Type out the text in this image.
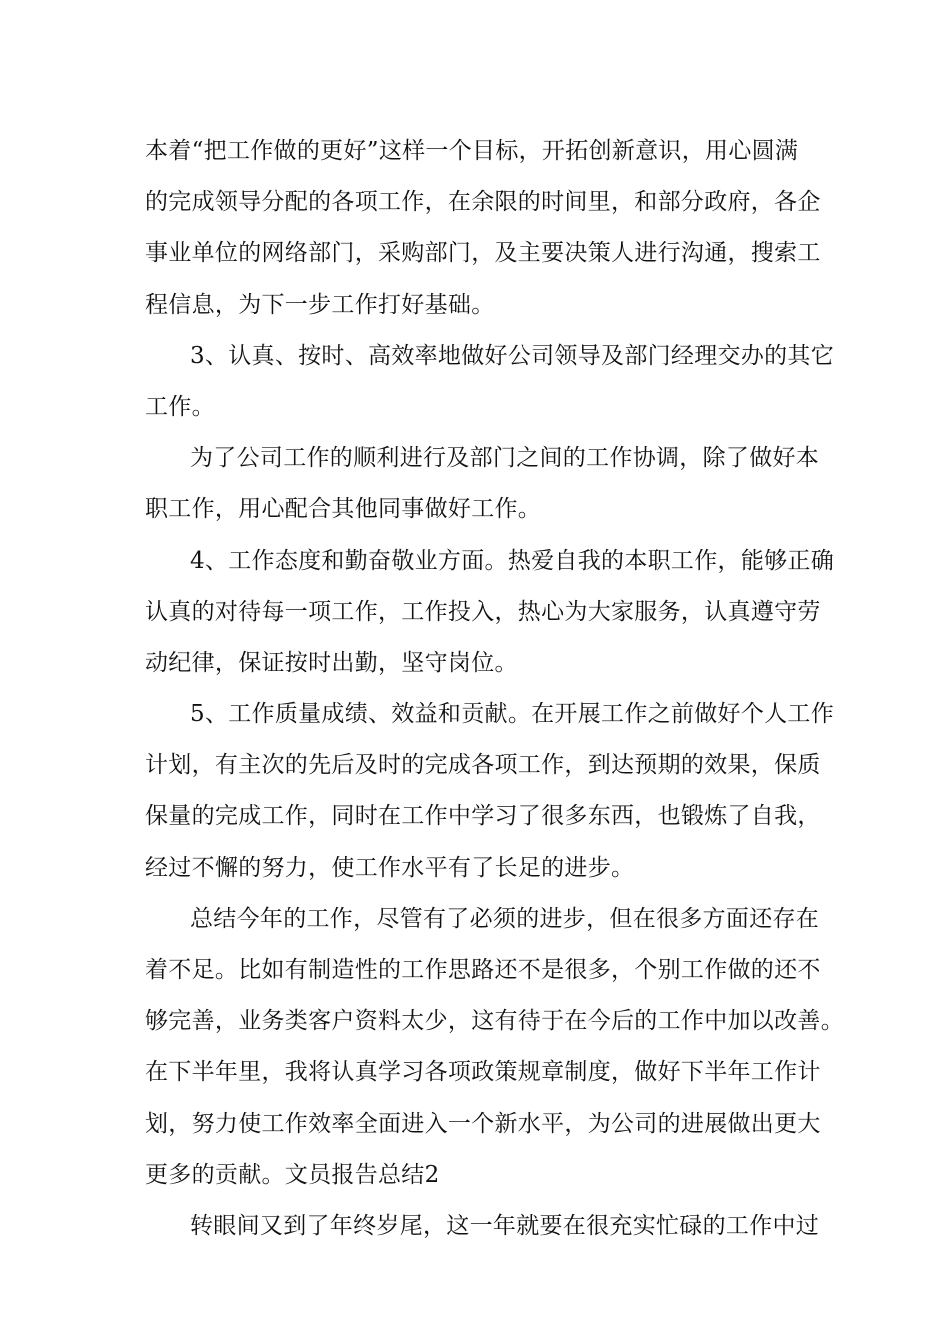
本着“把工作做的更好”这样一个目标，开拓创新意识，用心圆满
的完成领导分配的各项工作，在余限的时间里，和部分政府，各企
事业单位的网络部门，采购部门，及主要决策人进行沟通，搜索工
程信息，为下一步工作打好基础。
3、认真、按时、高效率地做好公司领导及部门经理交办的其它
工作。
为了公司工作的顺利进行及部门之间的工作协调，除了做好本
职工作，用心配合其他同事做好工作。
4、工作态度和勤奋敬业方面。热爱自我的本职工作，能够正确
认真的对待每一项工作，工作投入，热心为大家服务，认真遵守劳
动纪律，保证按时出勤，坚守岗位。
5、工作质量成绩、效益和贡献。在开展工作之前做好个人工作
计划，有主次的先后及时的完成各项工作，到达预期的效果，保质
保量的完成工作，同时在工作中学习了很多东西，也锻炼了自我，
经过不懈的努力，使工作水平有了长足的进步。
总结今年的工作，尽管有了必须的进步，但在很多方面还存在
着不足。比如有制造性的工作思路还不是很多，个别工作做的还不
够完善，业务类客户资料太少，这有待于在今后的工作中加以改善。
在下半年里，我将认真学习各项政策规章制度，做好下半年工作计
划，努力使工作效率全面进入一个新水平，为公司的进展做出更大
更多的贡献。文员报告总结2
转眼间又到了年终岁尾，这一年就要在很充实忙碌的工作中过
